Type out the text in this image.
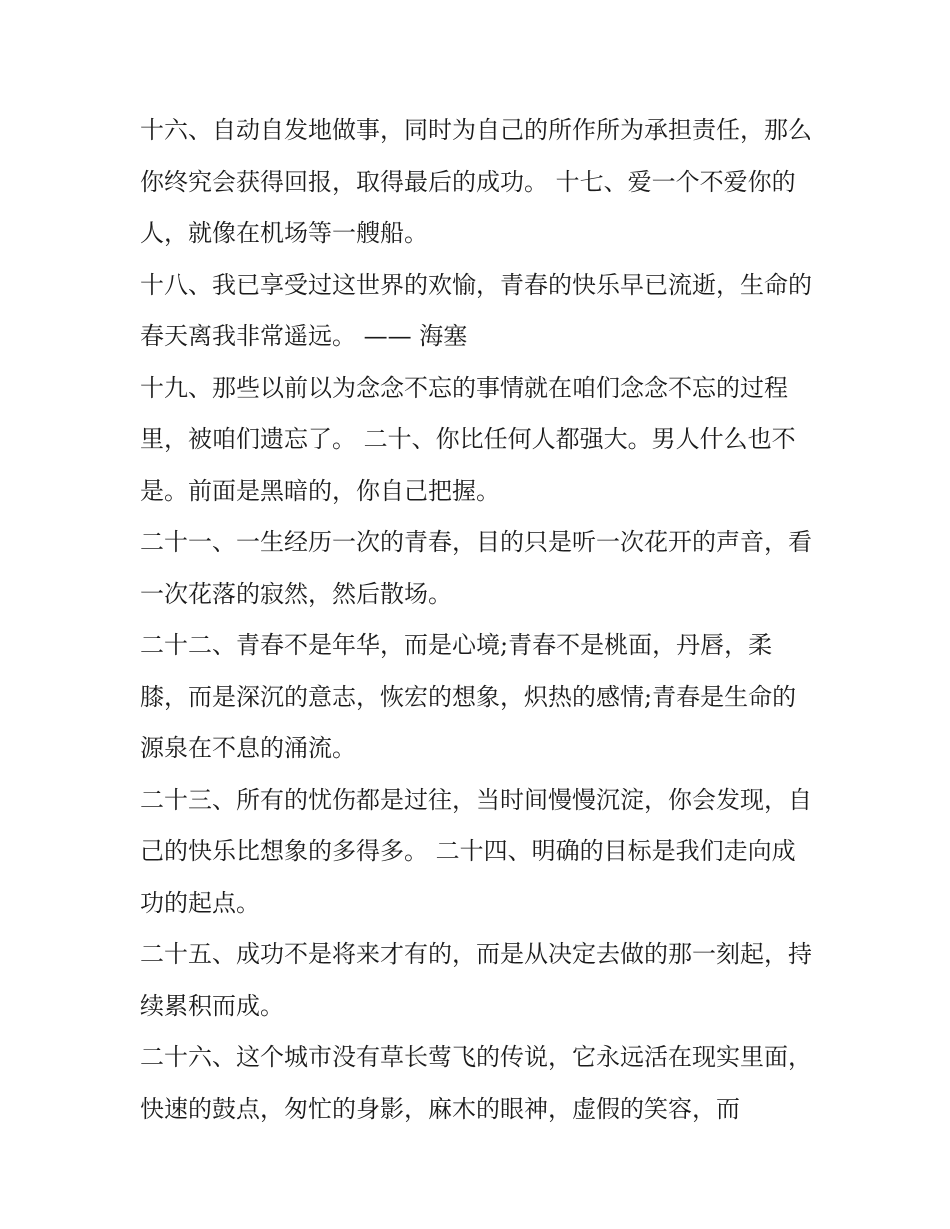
十六、自动自发地做事，同时为自己的所作所为承担责任，那么你终究会获得回报，取得最后的成功。 十七、爱一个不爱你的人，就像在机场等一艘船。

十八、我已享受过这世界的欢愉，青春的快乐早已流逝，生命的春天离我非常遥远。 —— 海塞

十九、那些以前以为念念不忘的事情就在咱们念念不忘的过程里，被咱们遗忘了。 二十、你比任何人都强大。男人什么也不是。前面是黑暗的，你自己把握。

二十一、一生经历一次的青春，目的只是听一次花开的声音，看一次花落的寂然，然后散场。

二十二、青春不是年华，而是心境;青春不是桃面，丹唇，柔膝，而是深沉的意志，恢宏的想象，炽热的感情;青春是生命的源泉在不息的涌流。

二十三、所有的忧伤都是过往，当时间慢慢沉淀，你会发现，自己的快乐比想象的多得多。 二十四、明确的目标是我们走向成功的起点。

二十五、成功不是将来才有的，而是从决定去做的那一刻起，持续累积而成。

二十六、这个城市没有草长莺飞的传说，它永远活在现实里面，快速的鼓点，匆忙的身影，麻木的眼神，虚假的笑容，而
